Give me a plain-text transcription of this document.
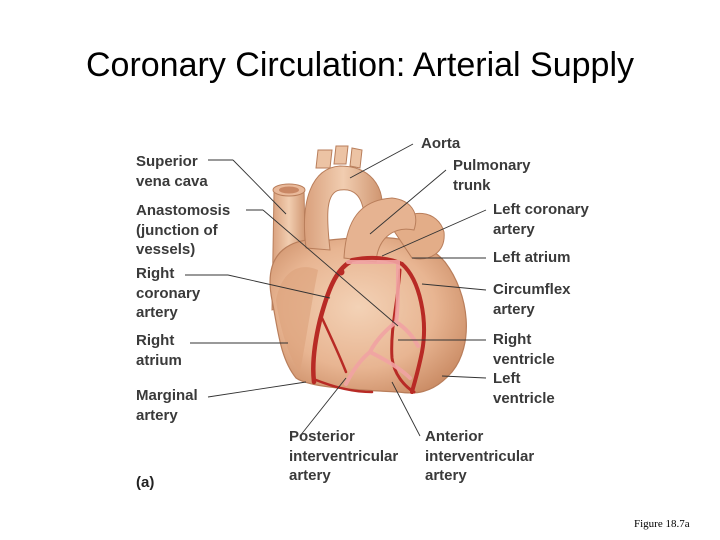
Coronary Circulation: Arterial Supply
Aorta
Pulmonary
trunk
Superior
vena cava
Anastomosis
(junction of
vessels)
Right
coronary
artery
Right
atrium
Marginal
artery
Posterior
interventricular
artery
Anterior
interventricular
artery
Left coronary
artery
Left atrium
Circumflex
artery
Right
ventricle
Left
ventricle
(a)
Figure 18.7a
